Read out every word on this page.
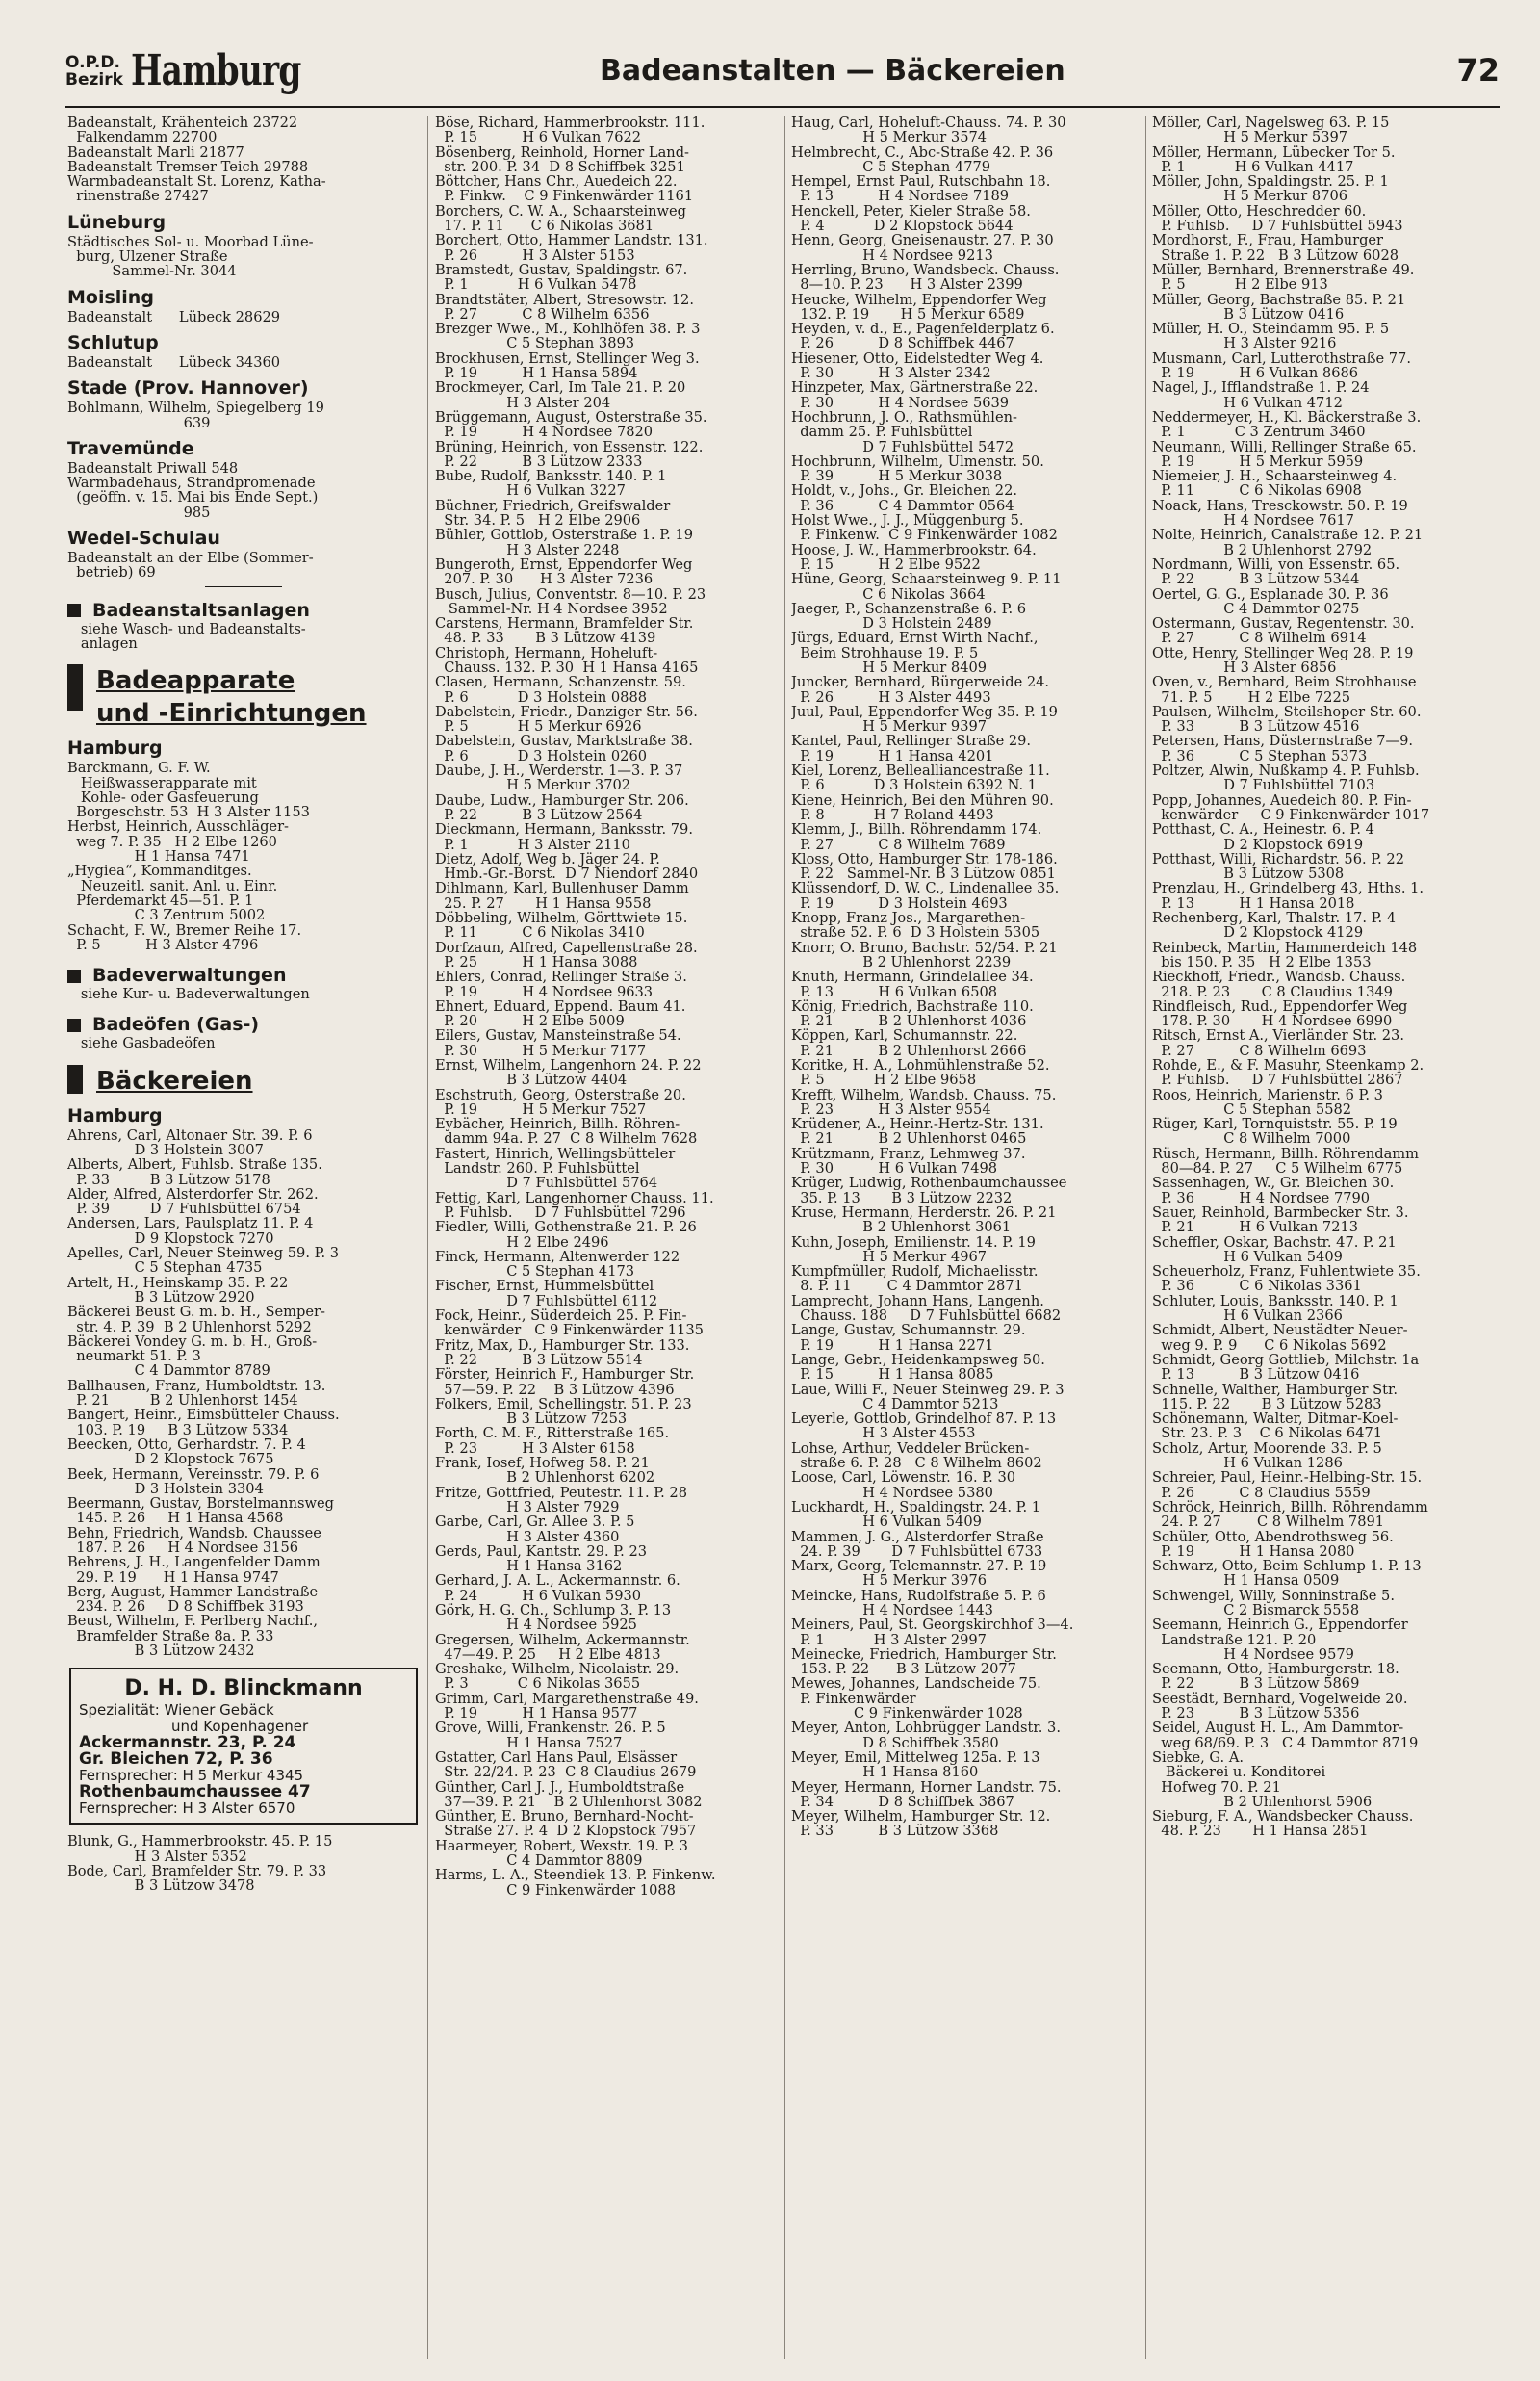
O.P.D.
Bezirk Hamburg	Badeanstalten — Bäckereien	72
Badeanstalt, Krähenteich 23722
Falkendamm 22700
Badeanstalt Marli 21877
Badeanstalt Tremser Teich 29788
Warmbadeanstalt St. Lorenz, Katha-
rinenstraße 27427
Lüneburg
Städtisches Sol- u. Moorbad Lüne-
burg, Ülzener Straße
Sammel-Nr. 3044
Moisling
Badeanstalt      Lübeck 28629
Schlutup
Badeanstalt      Lübeck 34360
Stade (Prov. Hannover)
Bohlmann, Wilhelm, Spiegelberg 19
639
Travemünde
Badeanstalt Priwall 548
Warmbadehaus, Strandpromenade
(geöffn. v. 15. Mai bis Ende Sept.)
985
Wedel-Schulau
Badeanstalt an der Elbe (Sommer-
betrieb) 69
Badeanstaltsanlagen
siehe Wasch- und Badeanstalts-
anlagen
Badeapparate
und -Einrichtungen
Hamburg
Barckmann, G. F. W.
Heißwasserapparate mit
Kohle- oder Gasfeuerung
Borgeschstr. 53  H 3 Alster 1153
Herbst, Heinrich, Ausschläger-
weg 7. P. 35   H 2 Elbe 1260
H 1 Hansa 7471
„Hygiea“, Kommanditges.
Neuzeitl. sanit. Anl. u. Einr.
Pferdemarkt 45—51. P. 1
C 3 Zentrum 5002
Schacht, F. W., Bremer Reihe 17.
P. 5          H 3 Alster 4796
Badeverwaltungen
siehe Kur- u. Badeverwaltungen
Badeöfen (Gas-)
siehe Gasbadeöfen
Bäckereien
Hamburg
Ahrens, Carl, Altonaer Str. 39. P. 6
D 3 Holstein 3007
Alberts, Albert, Fuhlsb. Straße 135.
P. 33         B 3 Lützow 5178
Alder, Alfred, Alsterdorfer Str. 262.
P. 39         D 7 Fuhlsbüttel 6754
Andersen, Lars, Paulsplatz 11. P. 4
D 9 Klopstock 7270
Apelles, Carl, Neuer Steinweg 59. P. 3
C 5 Stephan 4735
Artelt, H., Heinskamp 35. P. 22
B 3 Lützow 2920
Bäckerei Beust G. m. b. H., Semper-
str. 4. P. 39  B 2 Uhlenhorst 5292
Bäckerei Vondey G. m. b. H., Groß-
neumarkt 51. P. 3
C 4 Dammtor 8789
Ballhausen, Franz, Humboldtstr. 13.
P. 21         B 2 Uhlenhorst 1454
Bangert, Heinr., Eimsbütteler Chauss.
103. P. 19     B 3 Lützow 5334
Beecken, Otto, Gerhardstr. 7. P. 4
D 2 Klopstock 7675
Beek, Hermann, Vereinsstr. 79. P. 6
D 3 Holstein 3304
Beermann, Gustav, Borstelmannsweg
145. P. 26     H 1 Hansa 4568
Behn, Friedrich, Wandsb. Chaussee
187. P. 26     H 4 Nordsee 3156
Behrens, J. H., Langenfelder Damm
29. P. 19      H 1 Hansa 9747
Berg, August, Hammer Landstraße
234. P. 26     D 8 Schiffbek 3193
Beust, Wilhelm, F. Perlberg Nachf.,
Bramfelder Straße 8a. P. 33
B 3 Lützow 2432
D. H. D. Blinckmann
Spezialität: Wiener Gebäck
und Kopenhagener
Ackermannstr. 23, P. 24
Gr. Bleichen 72, P. 36
Fernsprecher: H 5 Merkur 4345
Rothenbaumchaussee 47
Fernsprecher: H 3 Alster 6570
Blunk, G., Hammerbrookstr. 45. P. 15
H 3 Alster 5352
Bode, Carl, Bramfelder Str. 79. P. 33
B 3 Lützow 3478
Böse, Richard, Hammerbrookstr. 111.
P. 15          H 6 Vulkan 7622
Bösenberg, Reinhold, Horner Land-
str. 200. P. 34  D 8 Schiffbek 3251
Böttcher, Hans Chr., Auedeich 22.
P. Finkw.    C 9 Finkenwärder 1161
Borchers, C. W. A., Schaarsteinweg
17. P. 11      C 6 Nikolas 3681
Borchert, Otto, Hammer Landstr. 131.
P. 26          H 3 Alster 5153
Bramstedt, Gustav, Spaldingstr. 67.
P. 1           H 6 Vulkan 5478
Brandtstäter, Albert, Stresowstr. 12.
P. 27          C 8 Wilhelm 6356
Brezger Wwe., M., Kohlhöfen 38. P. 3
C 5 Stephan 3893
Brockhusen, Ernst, Stellinger Weg 3.
P. 19          H 1 Hansa 5894
Brockmeyer, Carl, Im Tale 21. P. 20
H 3 Alster 204
Brüggemann, August, Osterstraße 35.
P. 19          H 4 Nordsee 7820
Brüning, Heinrich, von Essenstr. 122.
P. 22          B 3 Lützow 2333
Bube, Rudolf, Banksstr. 140. P. 1
H 6 Vulkan 3227
Büchner, Friedrich, Greifswalder
Str. 34. P. 5   H 2 Elbe 2906
Bühler, Gottlob, Osterstraße 1. P. 19
H 3 Alster 2248
Bungeroth, Ernst, Eppendorfer Weg
207. P. 30      H 3 Alster 7236
Busch, Julius, Conventstr. 8—10. P. 23
Sammel-Nr. H 4 Nordsee 3952
Carstens, Hermann, Bramfelder Str.
48. P. 33       B 3 Lützow 4139
Christoph, Hermann, Hoheluft-
Chauss. 132. P. 30  H 1 Hansa 4165
Clasen, Hermann, Schanzenstr. 59.
P. 6           D 3 Holstein 0888
Dabelstein, Friedr., Danziger Str. 56.
P. 5           H 5 Merkur 6926
Dabelstein, Gustav, Marktstraße 38.
P. 6           D 3 Holstein 0260
Daube, J. H., Werderstr. 1—3. P. 37
H 5 Merkur 3702
Daube, Ludw., Hamburger Str. 206.
P. 22          B 3 Lützow 2564
Dieckmann, Hermann, Banksstr. 79.
P. 1           H 3 Alster 2110
Dietz, Adolf, Weg b. Jäger 24. P.
Hmb.-Gr.-Borst.  D 7 Niendorf 2840
Dihlmann, Karl, Bullenhuser Damm
25. P. 27       H 1 Hansa 9558
Döbbeling, Wilhelm, Görttwiete 15.
P. 11          C 6 Nikolas 3410
Dorfzaun, Alfred, Capellenstraße 28.
P. 25          H 1 Hansa 3088
Ehlers, Conrad, Rellinger Straße 3.
P. 19          H 4 Nordsee 9633
Ehnert, Eduard, Eppend. Baum 41.
P. 20          H 2 Elbe 5009
Eilers, Gustav, Mansteinstraße 54.
P. 30          H 5 Merkur 7177
Ernst, Wilhelm, Langenhorn 24. P. 22
B 3 Lützow 4404
Eschstruth, Georg, Osterstraße 20.
P. 19          H 5 Merkur 7527
Eybächer, Heinrich, Billh. Röhren-
damm 94a. P. 27  C 8 Wilhelm 7628
Fastert, Hinrich, Wellingsbütteler
Landstr. 260. P. Fuhlsbüttel
D 7 Fuhlsbüttel 5764
Fettig, Karl, Langenhorner Chauss. 11.
P. Fuhlsb.     D 7 Fuhlsbüttel 7296
Fiedler, Willi, Gothenstraße 21. P. 26
H 2 Elbe 2496
Finck, Hermann, Altenwerder 122
C 5 Stephan 4173
Fischer, Ernst, Hummelsbüttel
D 7 Fuhlsbüttel 6112
Fock, Heinr., Süderdeich 25. P. Fin-
kenwärder   C 9 Finkenwärder 1135
Fritz, Max, D., Hamburger Str. 133.
P. 22          B 3 Lützow 5514
Förster, Heinrich F., Hamburger Str.
57—59. P. 22    B 3 Lützow 4396
Folkers, Emil, Schellingstr. 51. P. 23
B 3 Lützow 7253
Forth, C. M. F., Ritterstraße 165.
P. 23          H 3 Alster 6158
Frank, Iosef, Hofweg 58. P. 21
B 2 Uhlenhorst 6202
Fritze, Gottfried, Peutestr. 11. P. 28
H 3 Alster 7929
Garbe, Carl, Gr. Allee 3. P. 5
H 3 Alster 4360
Gerds, Paul, Kantstr. 29. P. 23
H 1 Hansa 3162
Gerhard, J. A. L., Ackermannstr. 6.
P. 24          H 6 Vulkan 5930
Görk, H. G. Ch., Schlump 3. P. 13
H 4 Nordsee 5925
Gregersen, Wilhelm, Ackermannstr.
47—49. P. 25     H 2 Elbe 4813
Greshake, Wilhelm, Nicolaistr. 29.
P. 3           C 6 Nikolas 3655
Grimm, Carl, Margarethenstraße 49.
P. 19          H 1 Hansa 9577
Grove, Willi, Frankenstr. 26. P. 5
H 1 Hansa 7527
Gstatter, Carl Hans Paul, Elsässer
Str. 22/24. P. 23  C 8 Claudius 2679
Günther, Carl J. J., Humboldtstraße
37—39. P. 21    B 2 Uhlenhorst 3082
Günther, E. Bruno, Bernhard-Nocht-
Straße 27. P. 4  D 2 Klopstock 7957
Haarmeyer, Robert, Wexstr. 19. P. 3
C 4 Dammtor 8809
Harms, L. A., Steendiek 13. P. Finkenw.
C 9 Finkenwärder 1088
Haug, Carl, Hoheluft-Chauss. 74. P. 30
H 5 Merkur 3574
Helmbrecht, C., Abc-Straße 42. P. 36
C 5 Stephan 4779
Hempel, Ernst Paul, Rutschbahn 18.
P. 13          H 4 Nordsee 7189
Henckell, Peter, Kieler Straße 58.
P. 4           D 2 Klopstock 5644
Henn, Georg, Gneisenaustr. 27. P. 30
H 4 Nordsee 9213
Herrling, Bruno, Wandsbeck. Chauss.
8—10. P. 23      H 3 Alster 2399
Heucke, Wilhelm, Eppendorfer Weg
132. P. 19       H 5 Merkur 6589
Heyden, v. d., E., Pagenfelderplatz 6.
P. 26          D 8 Schiffbek 4467
Hiesener, Otto, Eidelstedter Weg 4.
P. 30          H 3 Alster 2342
Hinzpeter, Max, Gärtnerstraße 22.
P. 30          H 4 Nordsee 5639
Hochbrunn, J. O., Rathsmühlen-
damm 25. P. Fuhlsbüttel
D 7 Fuhlsbüttel 5472
Hochbrunn, Wilhelm, Ulmenstr. 50.
P. 39          H 5 Merkur 3038
Holdt, v., Johs., Gr. Bleichen 22.
P. 36          C 4 Dammtor 0564
Holst Wwe., J. J., Müggenburg 5.
P. Finkenw.  C 9 Finkenwärder 1082
Hoose, J. W., Hammerbrookstr. 64.
P. 15          H 2 Elbe 9522
Hüne, Georg, Schaarsteinweg 9. P. 11
C 6 Nikolas 3664
Jaeger, P., Schanzenstraße 6. P. 6
D 3 Holstein 2489
Jürgs, Eduard, Ernst Wirth Nachf.,
Beim Strohhause 19. P. 5
H 5 Merkur 8409
Juncker, Bernhard, Bürgerweide 24.
P. 26          H 3 Alster 4493
Juul, Paul, Eppendorfer Weg 35. P. 19
H 5 Merkur 9397
Kantel, Paul, Rellinger Straße 29.
P. 19          H 1 Hansa 4201
Kiel, Lorenz, Bellealliancestraße 11.
P. 6           D 3 Holstein 6392 N. 1
Kiene, Heinrich, Bei den Mühren 90.
P. 8           H 7 Roland 4493
Klemm, J., Billh. Röhrendamm 174.
P. 27          C 8 Wilhelm 7689
Kloss, Otto, Hamburger Str. 178-186.
P. 22   Sammel-Nr. B 3 Lützow 0851
Klüssendorf, D. W. C., Lindenallee 35.
P. 19          D 3 Holstein 4693
Knopp, Franz Jos., Margarethen-
straße 52. P. 6  D 3 Holstein 5305
Knorr, O. Bruno, Bachstr. 52/54. P. 21
B 2 Uhlenhorst 2239
Knuth, Hermann, Grindelallee 34.
P. 13          H 6 Vulkan 6508
König, Friedrich, Bachstraße 110.
P. 21          B 2 Uhlenhorst 4036
Köppen, Karl, Schumannstr. 22.
P. 21          B 2 Uhlenhorst 2666
Koritke, H. A., Lohmühlenstraße 52.
P. 5           H 2 Elbe 9658
Krefft, Wilhelm, Wandsb. Chauss. 75.
P. 23          H 3 Alster 9554
Krüdener, A., Heinr.-Hertz-Str. 131.
P. 21          B 2 Uhlenhorst 0465
Krützmann, Franz, Lehmweg 37.
P. 30          H 6 Vulkan 7498
Krüger, Ludwig, Rothenbaumchaussee
35. P. 13       B 3 Lützow 2232
Kruse, Hermann, Herderstr. 26. P. 21
B 2 Uhlenhorst 3061
Kuhn, Joseph, Emilienstr. 14. P. 19
H 5 Merkur 4967
Kumpfmüller, Rudolf, Michaelisstr.
8. P. 11        C 4 Dammtor 2871
Lamprecht, Johann Hans, Langenh.
Chauss. 188     D 7 Fuhlsbüttel 6682
Lange, Gustav, Schumannstr. 29.
P. 19          H 1 Hansa 2271
Lange, Gebr., Heidenkampsweg 50.
P. 15          H 1 Hansa 8085
Laue, Willi F., Neuer Steinweg 29. P. 3
C 4 Dammtor 5213
Leyerle, Gottlob, Grindelhof 87. P. 13
H 3 Alster 4553
Lohse, Arthur, Veddeler Brücken-
straße 6. P. 28   C 8 Wilhelm 8602
Loose, Carl, Löwenstr. 16. P. 30
H 4 Nordsee 5380
Luckhardt, H., Spaldingstr. 24. P. 1
H 6 Vulkan 5409
Mammen, J. G., Alsterdorfer Straße
24. P. 39       D 7 Fuhlsbüttel 6733
Marx, Georg, Telemannstr. 27. P. 19
H 5 Merkur 3976
Meincke, Hans, Rudolfstraße 5. P. 6
H 4 Nordsee 1443
Meiners, Paul, St. Georgskirchhof 3—4.
P. 1           H 3 Alster 2997
Meinecke, Friedrich, Hamburger Str.
153. P. 22      B 3 Lützow 2077
Mewes, Johannes, Landscheide 75.
P. Finkenwärder
C 9 Finkenwärder 1028
Meyer, Anton, Lohbrügger Landstr. 3.
D 8 Schiffbek 3580
Meyer, Emil, Mittelweg 125a. P. 13
H 1 Hansa 8160
Meyer, Hermann, Horner Landstr. 75.
P. 34          D 8 Schiffbek 3867
Meyer, Wilhelm, Hamburger Str. 12.
P. 33          B 3 Lützow 3368
Möller, Carl, Nagelsweg 63. P. 15
H 5 Merkur 5397
Möller, Hermann, Lübecker Tor 5.
P. 1           H 6 Vulkan 4417
Möller, John, Spaldingstr. 25. P. 1
H 5 Merkur 8706
Möller, Otto, Heschredder 60.
P. Fuhlsb.     D 7 Fuhlsbüttel 5943
Mordhorst, F., Frau, Hamburger
Straße 1. P. 22   B 3 Lützow 6028
Müller, Bernhard, Brennerstraße 49.
P. 5           H 2 Elbe 913
Müller, Georg, Bachstraße 85. P. 21
B 3 Lützow 0416
Müller, H. O., Steindamm 95. P. 5
H 3 Alster 9216
Musmann, Carl, Lutterothstraße 77.
P. 19          H 6 Vulkan 8686
Nagel, J., Ifflandstraße 1. P. 24
H 6 Vulkan 4712
Neddermeyer, H., Kl. Bäckerstraße 3.
P. 1           C 3 Zentrum 3460
Neumann, Willi, Rellinger Straße 65.
P. 19          H 5 Merkur 5959
Niemeier, J. H., Schaarsteinweg 4.
P. 11          C 6 Nikolas 6908
Noack, Hans, Tresckowstr. 50. P. 19
H 4 Nordsee 7617
Nolte, Heinrich, Canalstraße 12. P. 21
B 2 Uhlenhorst 2792
Nordmann, Willi, von Essenstr. 65.
P. 22          B 3 Lützow 5344
Oertel, G. G., Esplanade 30. P. 36
C 4 Dammtor 0275
Ostermann, Gustav, Regentenstr. 30.
P. 27          C 8 Wilhelm 6914
Otte, Henry, Stellinger Weg 28. P. 19
H 3 Alster 6856
Oven, v., Bernhard, Beim Strohhause
71. P. 5        H 2 Elbe 7225
Paulsen, Wilhelm, Steilshoper Str. 60.
P. 33          B 3 Lützow 4516
Petersen, Hans, Düsternstraße 7—9.
P. 36          C 5 Stephan 5373
Poltzer, Alwin, Nußkamp 4. P. Fuhlsb.
D 7 Fuhlsbüttel 7103
Popp, Johannes, Auedeich 80. P. Fin-
kenwärder     C 9 Finkenwärder 1017
Potthast, C. A., Heinestr. 6. P. 4
D 2 Klopstock 6919
Potthast, Willi, Richardstr. 56. P. 22
B 3 Lützow 5308
Prenzlau, H., Grindelberg 43, Hths. 1.
P. 13          H 1 Hansa 2018
Rechenberg, Karl, Thalstr. 17. P. 4
D 2 Klopstock 4129
Reinbeck, Martin, Hammerdeich 148
bis 150. P. 35   H 2 Elbe 1353
Rieckhoff, Friedr., Wandsb. Chauss.
218. P. 23       C 8 Claudius 1349
Rindfleisch, Rud., Eppendorfer Weg
178. P. 30       H 4 Nordsee 6990
Ritsch, Ernst A., Vierländer Str. 23.
P. 27          C 8 Wilhelm 6693
Rohde, E., & F. Masuhr, Steenkamp 2.
P. Fuhlsb.     D 7 Fuhlsbüttel 2867
Roos, Heinrich, Marienstr. 6 P. 3
C 5 Stephan 5582
Rüger, Karl, Tornquiststr. 55. P. 19
C 8 Wilhelm 7000
Rüsch, Hermann, Billh. Röhrendamm
80—84. P. 27     C 5 Wilhelm 6775
Sassenhagen, W., Gr. Bleichen 30.
P. 36          H 4 Nordsee 7790
Sauer, Reinhold, Barmbecker Str. 3.
P. 21          H 6 Vulkan 7213
Scheffler, Oskar, Bachstr. 47. P. 21
H 6 Vulkan 5409
Scheuerholz, Franz, Fuhlentwiete 35.
P. 36          C 6 Nikolas 3361
Schluter, Louis, Banksstr. 140. P. 1
H 6 Vulkan 2366
Schmidt, Albert, Neustädter Neuer-
weg 9. P. 9      C 6 Nikolas 5692
Schmidt, Georg Gottlieb, Milchstr. 1a
P. 13          B 3 Lützow 0416
Schnelle, Walther, Hamburger Str.
115. P. 22       B 3 Lützow 5283
Schönemann, Walter, Ditmar-Koel-
Str. 23. P. 3    C 6 Nikolas 6471
Scholz, Artur, Moorende 33. P. 5
H 6 Vulkan 1286
Schreier, Paul, Heinr.-Helbing-Str. 15.
P. 26          C 8 Claudius 5559
Schröck, Heinrich, Billh. Röhrendamm
24. P. 27        C 8 Wilhelm 7891
Schüler, Otto, Abendrothsweg 56.
P. 19          H 1 Hansa 2080
Schwarz, Otto, Beim Schlump 1. P. 13
H 1 Hansa 0509
Schwengel, Willy, Sonninstraße 5.
C 2 Bismarck 5558
Seemann, Heinrich G., Eppendorfer
Landstraße 121. P. 20
H 4 Nordsee 9579
Seemann, Otto, Hamburgerstr. 18.
P. 22          B 3 Lützow 5869
Seestädt, Bernhard, Vogelweide 20.
P. 23          B 3 Lützow 5356
Seidel, August H. L., Am Dammtor-
weg 68/69. P. 3   C 4 Dammtor 8719
Siebke, G. A.
Bäckerei u. Konditorei
Hofweg 70. P. 21
B 2 Uhlenhorst 5906
Sieburg, F. A., Wandsbecker Chauss.
48. P. 23       H 1 Hansa 2851
